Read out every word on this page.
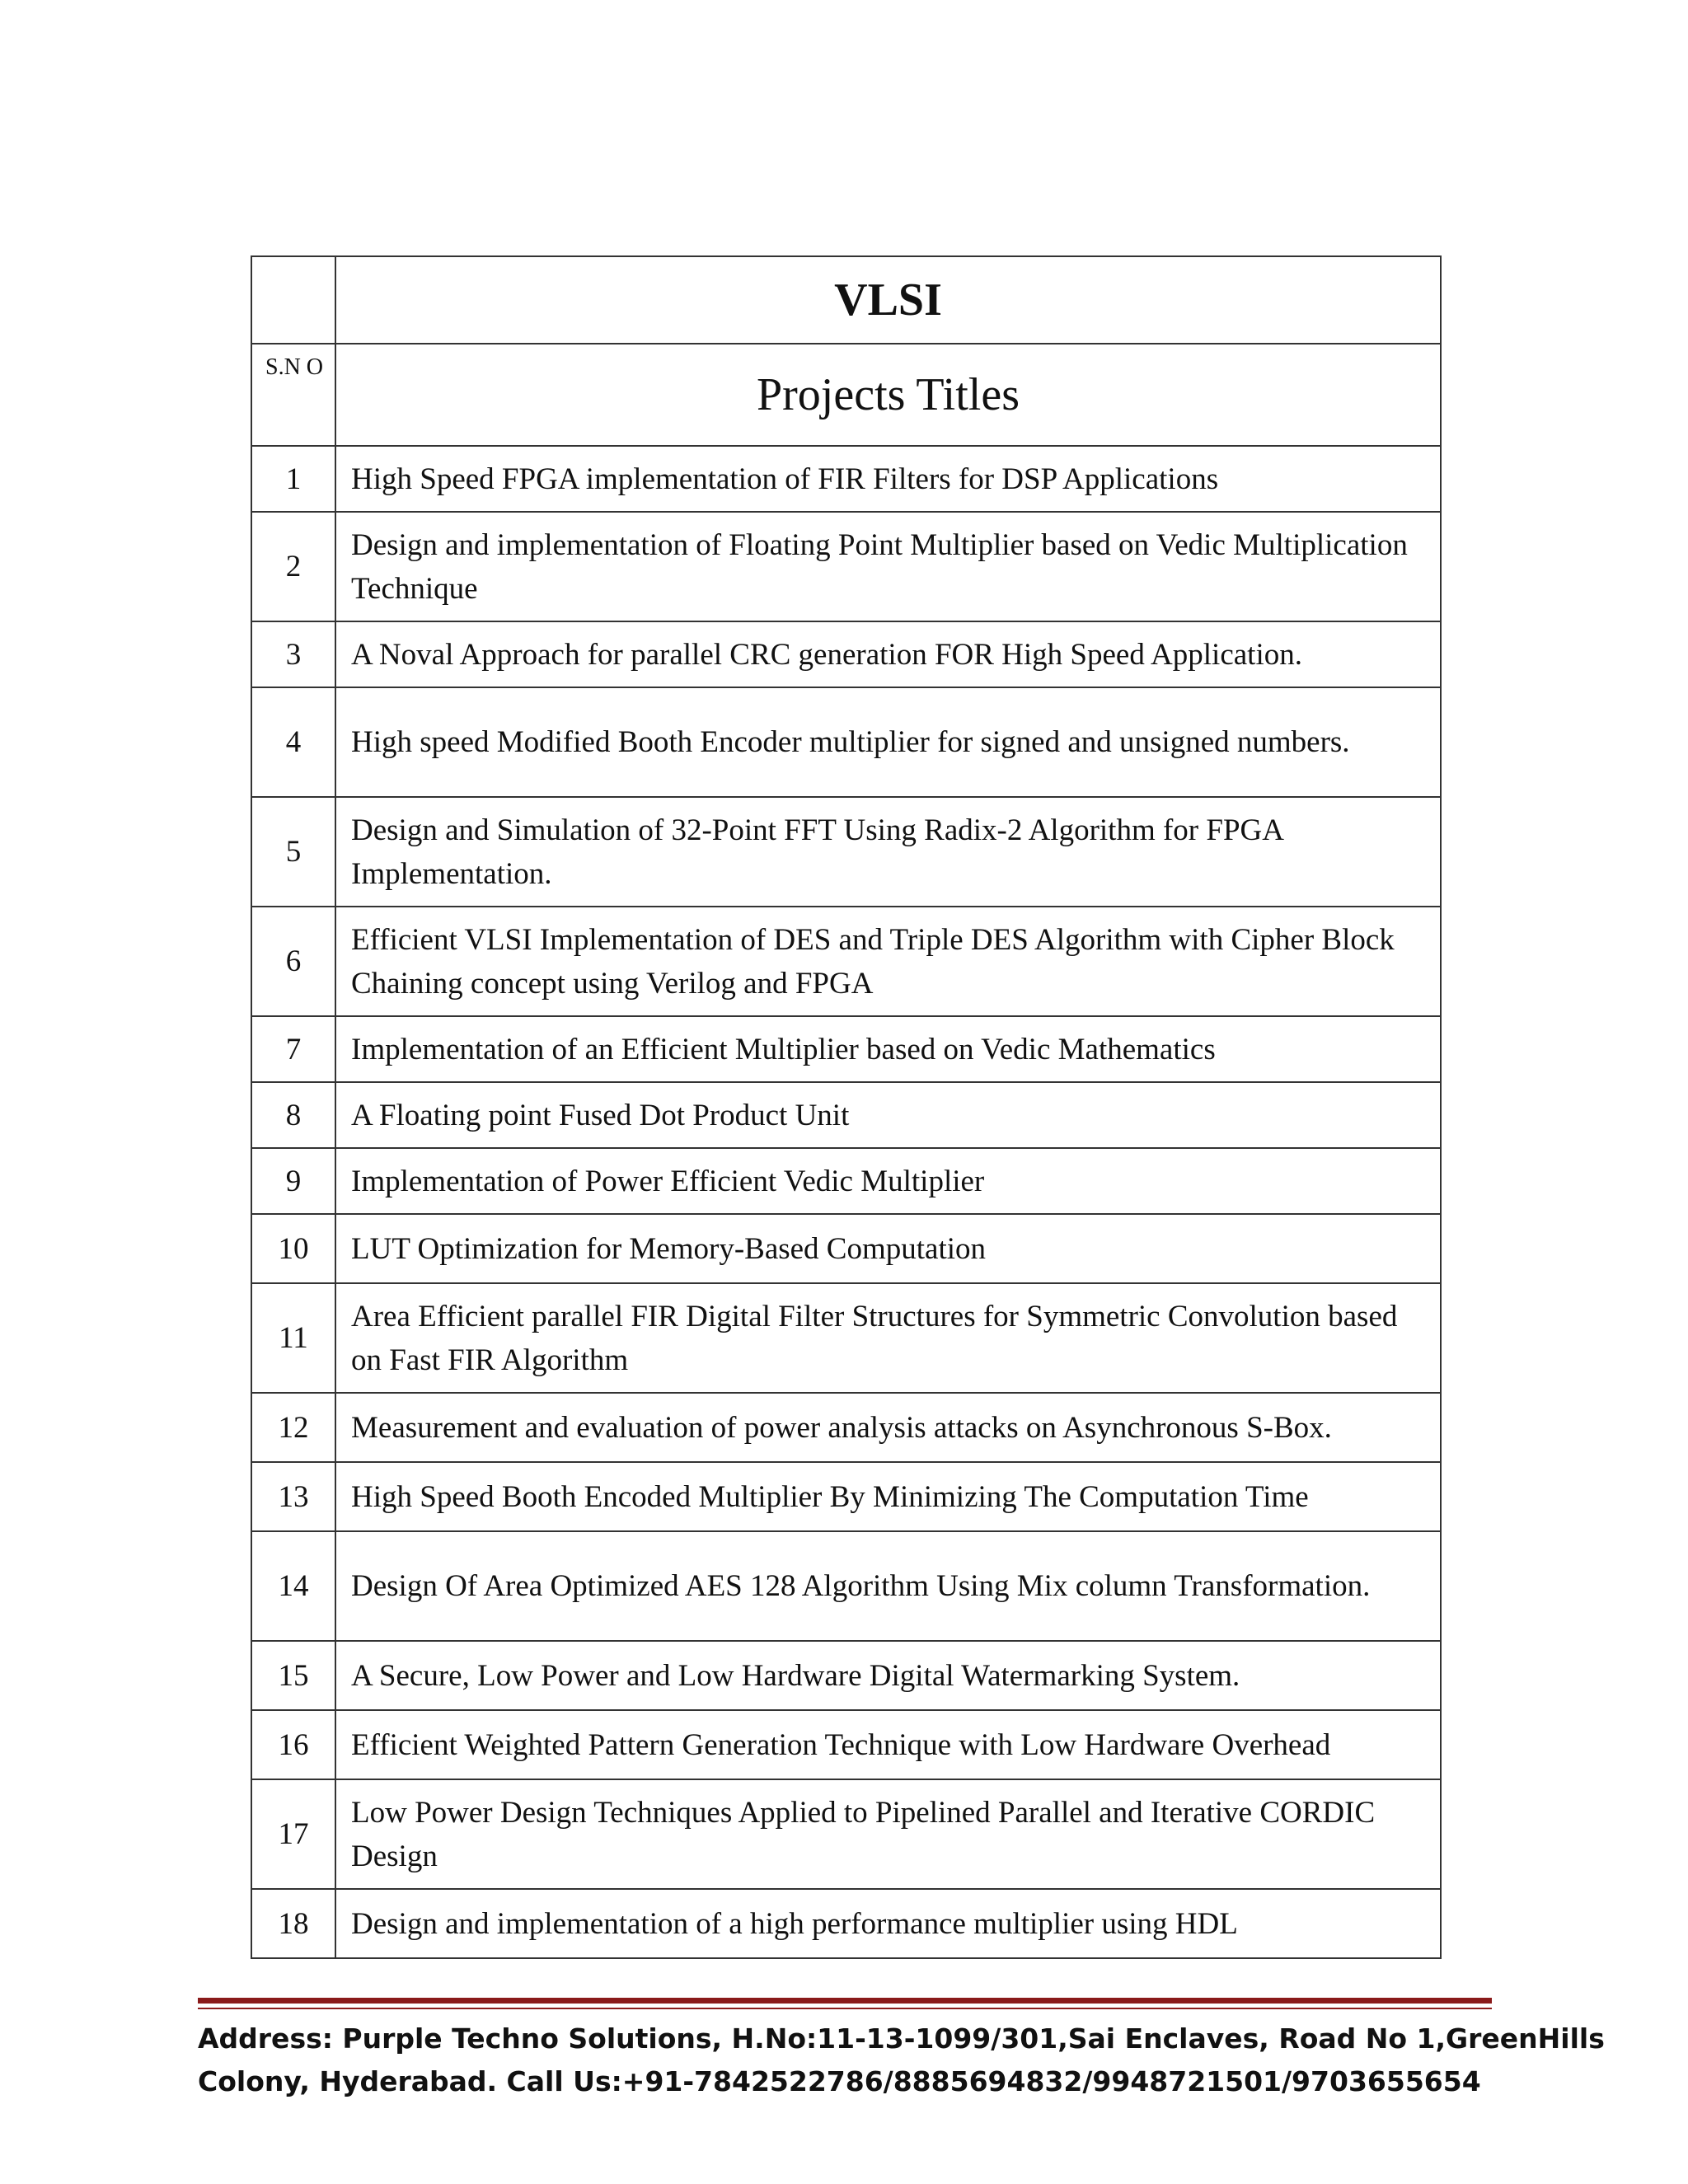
	VLSI
S.N O	Projects Titles
1	High Speed FPGA implementation of FIR Filters for DSP Applications
2	Design and implementation of Floating Point Multiplier based on Vedic Multiplication Technique
3	A Noval Approach for parallel CRC generation FOR High Speed Application.
4	High speed Modified Booth Encoder multiplier for signed and unsigned numbers.
5	Design and Simulation of 32-Point FFT Using Radix-2 Algorithm for FPGA Implementation.
6	Efficient VLSI Implementation of DES and Triple DES Algorithm with Cipher Block Chaining concept using Verilog and FPGA
7	Implementation of an Efficient Multiplier based on Vedic Mathematics
8	A Floating point Fused Dot Product Unit
9	Implementation of Power Efficient Vedic Multiplier
10	LUT Optimization for Memory-Based Computation
11	Area Efficient parallel FIR Digital Filter Structures for Symmetric Convolution based on Fast FIR Algorithm
12	Measurement and evaluation of power analysis attacks on Asynchronous S-Box.
13	High Speed Booth Encoded Multiplier By Minimizing The Computation Time
14	Design Of Area Optimized AES 128 Algorithm Using Mix column Transformation.
15	A Secure, Low Power and Low Hardware Digital Watermarking System.
16	Efficient Weighted Pattern Generation Technique with Low Hardware Overhead
17	Low Power Design Techniques Applied to Pipelined Parallel and Iterative CORDIC Design
18	Design and implementation of a high performance multiplier using HDL
Address: Purple Techno Solutions, H.No:11-13-1099/301,Sai Enclaves, Road No 1,GreenHills
Colony, Hyderabad. Call Us:+91-7842522786/8885694832/9948721501/9703655654
